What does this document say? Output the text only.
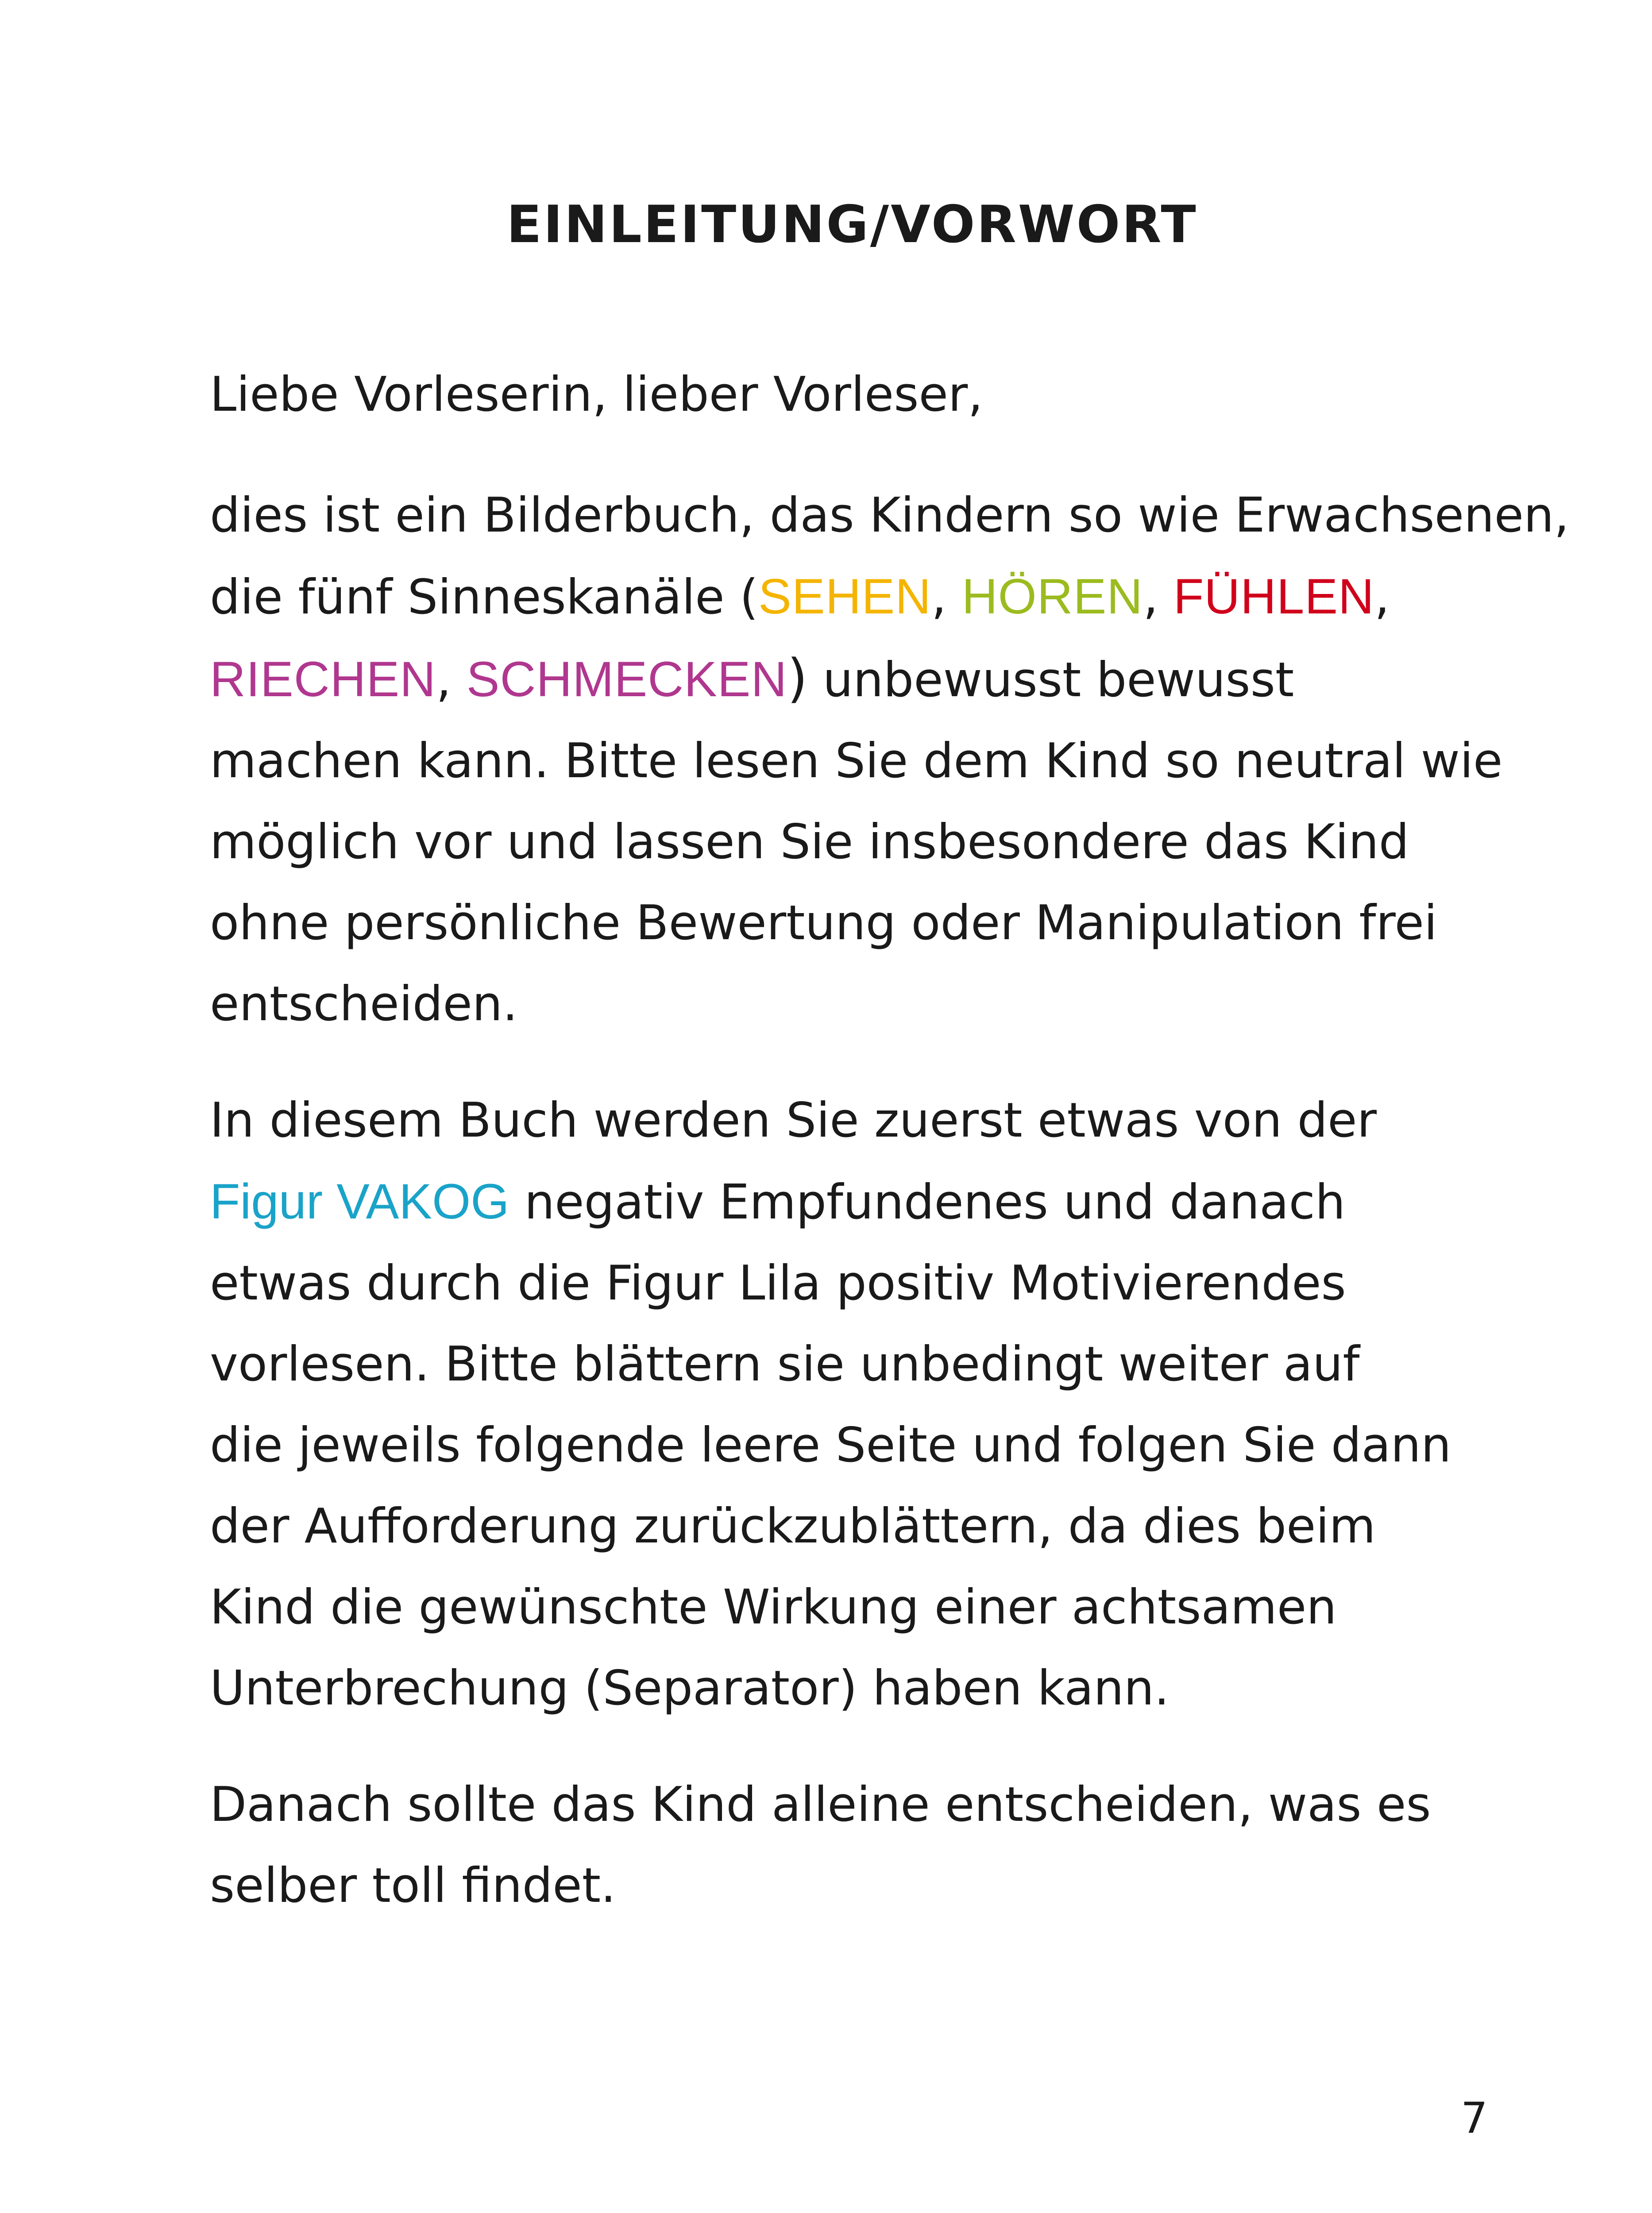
EINLEITUNG/VORWORT

Liebe Vorleserin, lieber Vorleser,

dies ist ein Bilderbuch, das Kindern so wie Erwachsenen,
die fünf Sinneskanäle (SEHEN, HÖREN, FÜHLEN,
RIECHEN, SCHMECKEN) unbewusst bewusst
machen kann. Bitte lesen Sie dem Kind so neutral wie
möglich vor und lassen Sie insbesondere das Kind
ohne persönliche Bewertung oder Manipulation frei
entscheiden.

In diesem Buch werden Sie zuerst etwas von der
Figur VAKOG negativ Empfundenes und danach
etwas durch die Figur Lila positiv Motivierendes
vorlesen. Bitte blättern sie unbedingt weiter auf
die jeweils folgende leere Seite und folgen Sie dann
der Aufforderung zurückzublättern, da dies beim
Kind die gewünschte Wirkung einer achtsamen
Unterbrechung (Separator) haben kann.

Danach sollte das Kind alleine entscheiden, was es
selber toll findet.

7
